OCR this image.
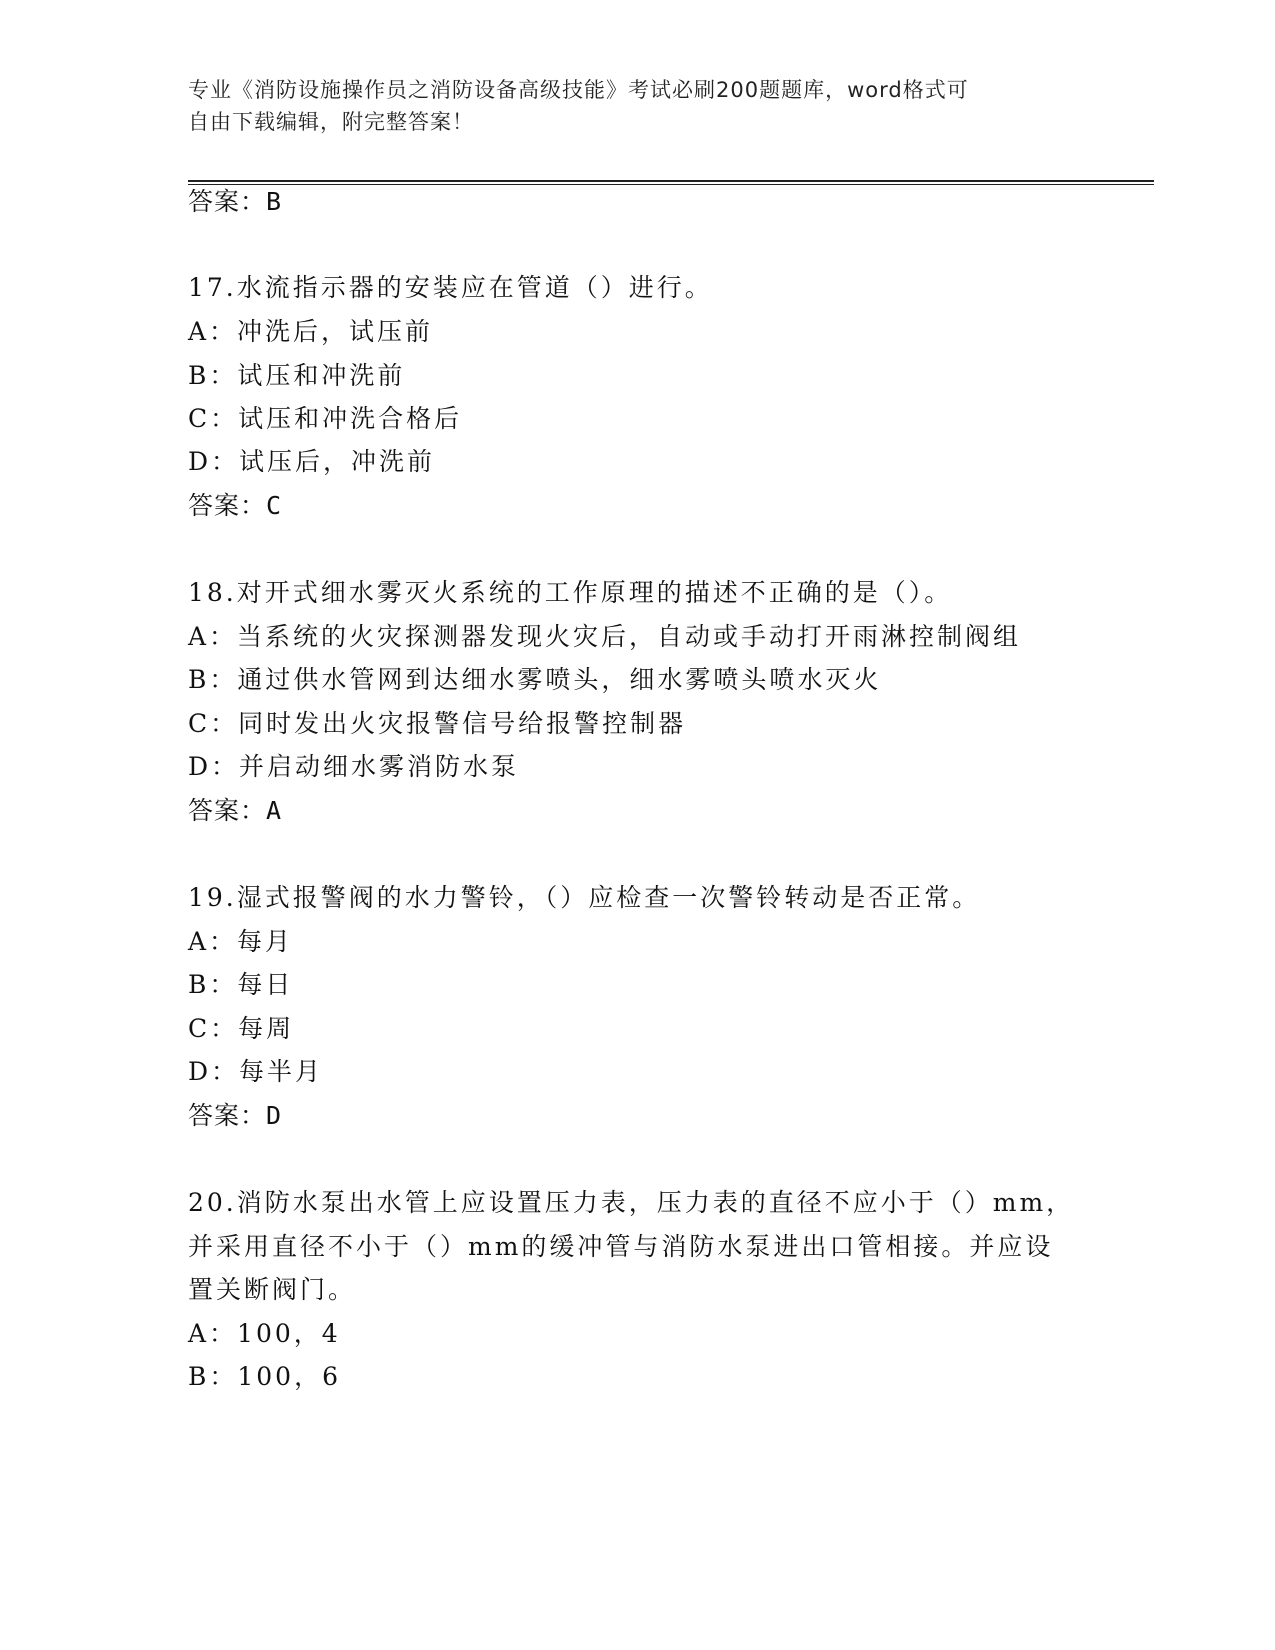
专业《消防设施操作员之消防设备高级技能》考试必刷200题题库，word格式可
自由下载编辑，附完整答案！
答案：B
17.水流指示器的安装应在管道（）进行。
A：冲洗后，试压前
B：试压和冲洗前
C：试压和冲洗合格后
D：试压后，冲洗前
答案：C
18.对开式细水雾灭火系统的工作原理的描述不正确的是（）。
A：当系统的火灾探测器发现火灾后，自动或手动打开雨淋控制阀组
B：通过供水管网到达细水雾喷头，细水雾喷头喷水灭火
C：同时发出火灾报警信号给报警控制器
D：并启动细水雾消防水泵
答案：A
19.湿式报警阀的水力警铃，（）应检查一次警铃转动是否正常。
A：每月
B：每日
C：每周
D：每半月
答案：D
20.消防水泵出水管上应设置压力表，压力表的直径不应小于（）mm，
并采用直径不小于（）mm的缓冲管与消防水泵进出口管相接。并应设
置关断阀门。
A：100，4
B：100，6
